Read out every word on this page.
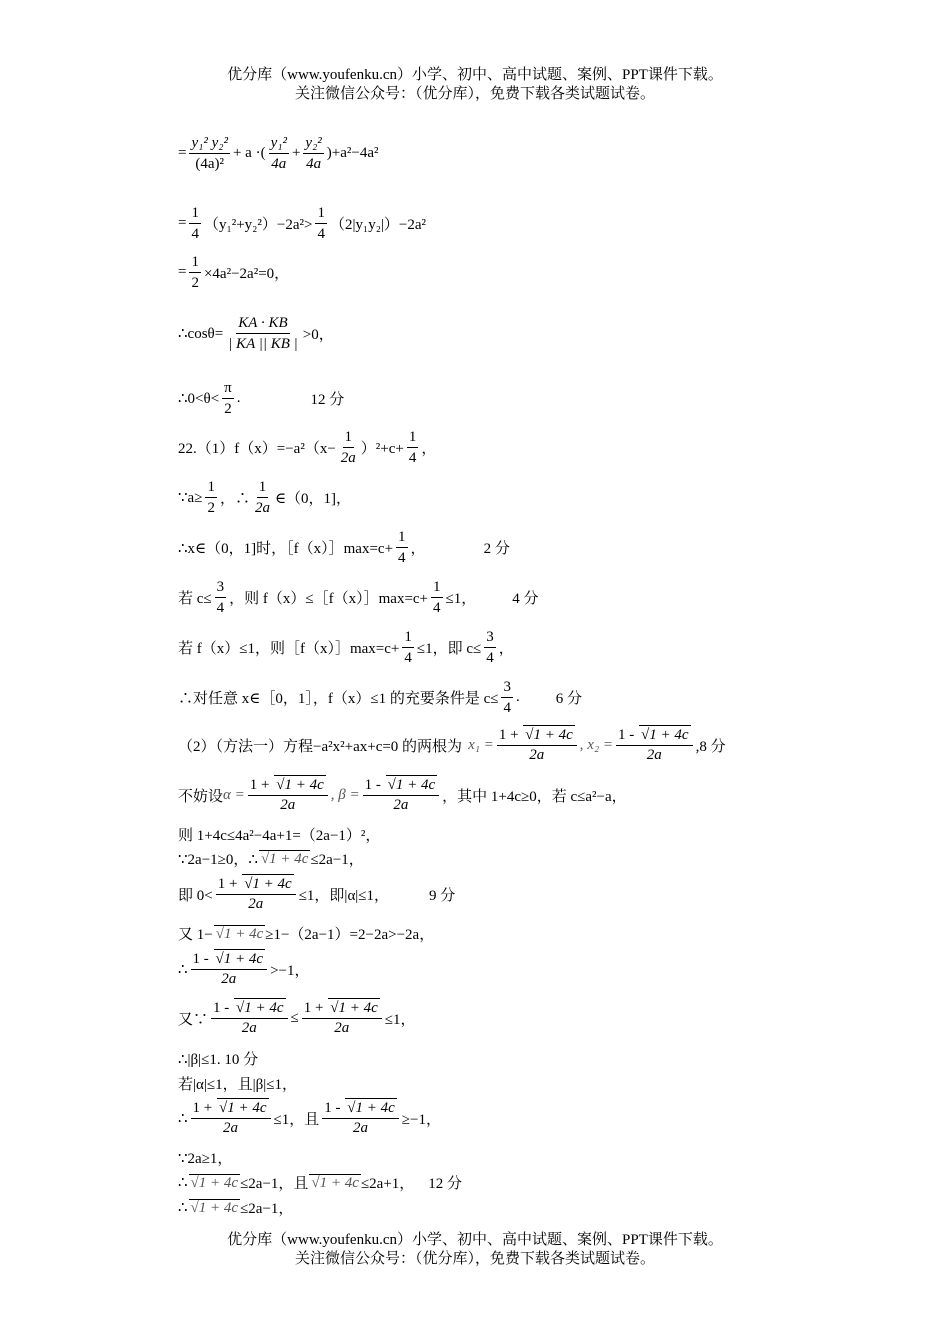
优分库（www.youfenku.cn）小学、初中、高中试题、案例、PPT课件下载。
关注微信公众号：（优分库），免费下载各类试题试卷。
= $\frac{\text{y₁² y₂²}}{\text{(4a)²}} + a$ ·(
y₁²
4a
+ $\frac{\text{y₂²}}{4a}$ ) +a²−4a²
= $\frac{1}{4} (y_1^2+y_2^2)-2a^2>$
1
4
（2|y₁y₂|）−2a²
= $\frac{1}{2} \times 4a^2-2a^2=0$，
∴cosθ= $\frac{KA \cdot KB}{| KA || KB |} >0$，
∴0<θ<
π
2
.	12 分
$22.(1)f(x)=-a^2(x- \frac{1}{2a} )^2+c+ \frac{1}{4}$ ，
∵a≥ $\frac{1}{2}$ ，∴
1
2a
∈（0，1]，
∴x∈（0，1]时，［f（x）］max=c+ $\frac{1}{4}$ ，	2 分
若 $c\le \frac{3}{4}$ ，则 f（x）≤［f（x）］max=c+ $\frac{1}{4} \le 1$， 4 分
若 f（x）≤1，则［f（x）］max=c+ $\frac{1}{4} \le 1$，即 $c\le \frac{3}{4}$ ，
∴对任意 x∈［0，1］，f（x）≤1 的充要条件是 $c\le \frac{3}{4}$ . 6 分
（2）（方法一）方程−a²x²+ax+c=0 的两根为 $x_1 = \frac{1 + √ 1 + 4c}{2a}$ , $x_2 = \frac{1 - √ 1 + 4c}{2a} ,8$ 分
不妨设 $\alpha = \frac{1 + √ 1 + 4c}{2a}$ , $\beta = \frac{1 - √ 1 + 4c}{2a}$ ，其中 1+4c≥0，若 c≤a²−a，
则 1+4c≤4a²−4a+1=（2a−1）²，
∵2a−1≥0，∴ √ 1 + 4c ≤2a−1，
即 $0< \frac{1 + √ 1 + 4c}{2a} \le 1$，即|α|≤1，	9 分
又 1− √ 1 + 4c ≥1−（2a−1）=2−2a>−2a，
∴
1 - √ 1 + 4c
2a
>−1，
又∵ $\frac{1 - √ 1 + 4c}{2a} \le \frac{1 + √ 1 + 4c}{2a} \le 1$，
∴|β|≤1. 10 分
若|α|≤1，且|β|≤1，
∴ $\frac{1 + √ 1 + 4c}{2a} \le 1$，且 $\frac{1 - √ 1 + 4c}{2a} \ge-1$，
∵2a≥1，
∴ √ 1 + 4c ≤2a−1，且 √ 1 + 4c ≤2a+1， 12 分
∴ √ 1 + 4c ≤2a−1，
优分库（www.youfenku.cn）小学、初中、高中试题、案例、PPT课件下载。
关注微信公众号：（优分库），免费下载各类试题试卷。
